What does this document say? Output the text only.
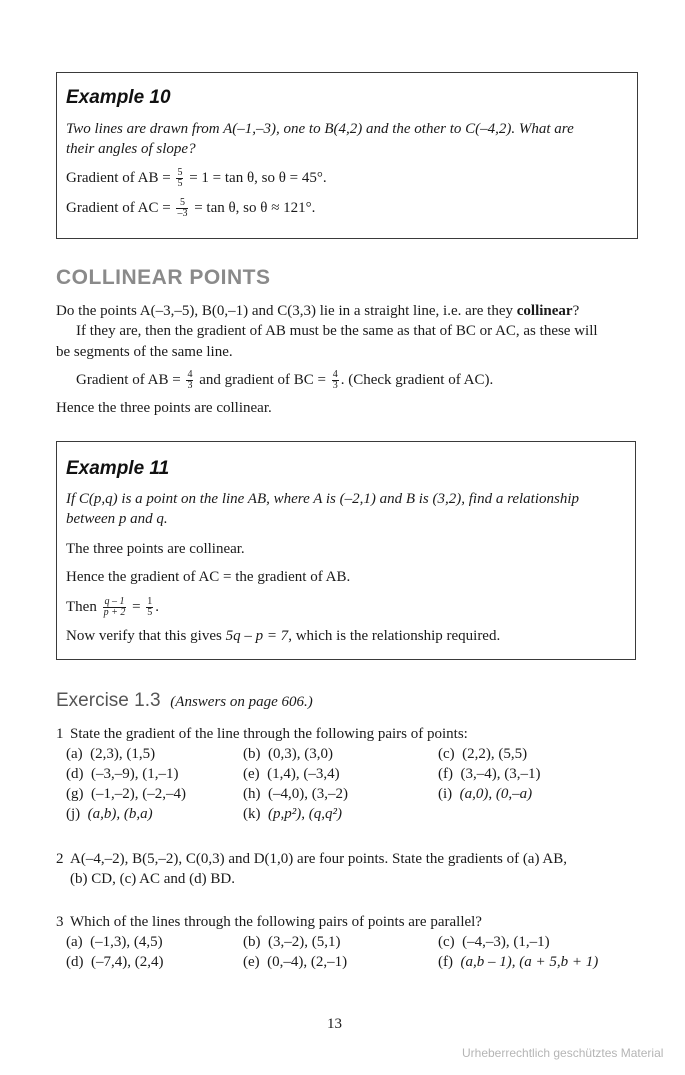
Example 10
Two lines are drawn from A(–1,–3), one to B(4,2) and the other to C(–4,2). What are
their angles of slope?
Gradient of AB = $\frac{5}{5} = 1 = \tan \theta$, so θ = 45°.
Gradient of AC = $\frac{5}{-3} = \tan \theta$, so θ ≈ 121°.
COLLINEAR POINTS
Do the points A(–3,–5), B(0,–1) and C(3,3) lie in a straight line, i.e. are they collinear?
If they are, then the gradient of AB must be the same as that of BC or AC, as these will
be segments of the same line.
Gradient of AB = $\frac{4}{3}$ and gradient of BC = $\frac{4}{3}$ . (Check gradient of AC).
Hence the three points are collinear.
Example 11
If C(p,q) is a point on the line AB, where A is (–2,1) and B is (3,2), find a relationship
between p and q.
The three points are collinear.
Hence the gradient of AC = the gradient of AB.
Then $\frac{q - 1}{p + 2} = \frac{1}{5}$ .
Now verify that this gives 5q – p = 7, which is the relationship required.
Exercise 1.3 (Answers on page 606.)
1 State the gradient of the line through the following pairs of points:
(a) (2,3), (1,5)	(b) (0,3), (3,0)	(c) (2,2), (5,5)
(d) (–3,–9), (1,–1)	(e) (1,4), (–3,4)	(f) (3,–4), (3,–1)
(g) (–1,–2), (–2,–4)	(h) (–4,0), (3,–2)	(i) (a,0), (0,–a)
(j) (a,b), (b,a)	(k) (p,p²), (q,q²)
2 A(–4,–2), B(5,–2), C(0,3) and D(1,0) are four points. State the gradients of (a) AB,
(b) CD, (c) AC and (d) BD.
3 Which of the lines through the following pairs of points are parallel?
(a) (–1,3), (4,5)	(b) (3,–2), (5,1)	(c) (–4,–3), (1,–1)
(d) (–7,4), (2,4)	(e) (0,–4), (2,–1)	(f) (a,b – 1), (a + 5,b + 1)
13
Urheberrechtlich geschütztes Material
